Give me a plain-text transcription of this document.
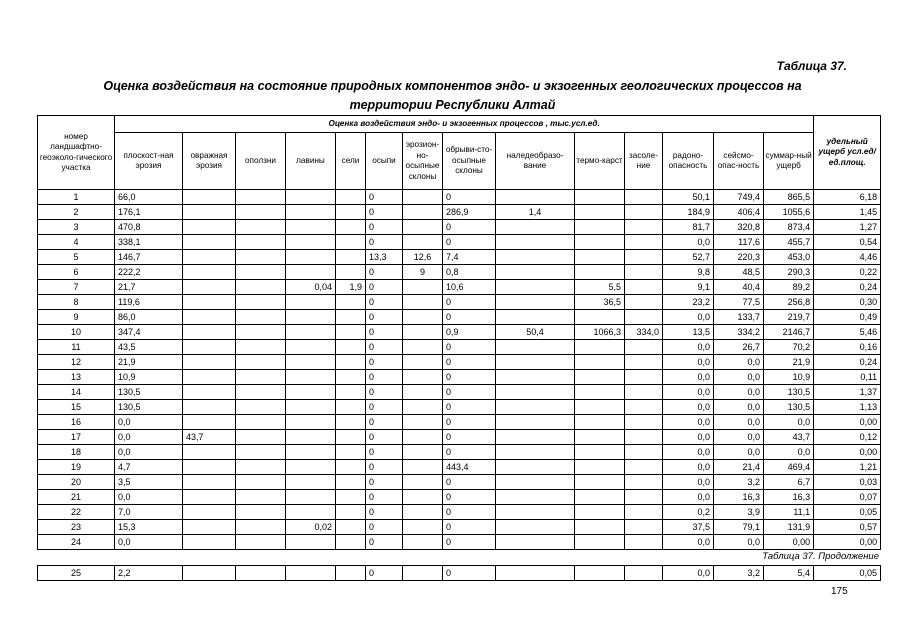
Таблица 37.
Оценка воздействия на состояние природных компонентов эндо- и экзогенных геологических процессов на
территории Республики Алтай
номер ландшафтно-геоэколо-гического участка	Оценка воздействия эндо- и экзогенных процессов , тыс.усл.ед.														удельный ущерб усл.ед/ ед.площ.
	плоскост-ная эрозия	овражная эрозия	оползни	лавины	сели	осыпи	эрозион-но-осыпные склоны	обрыви-сто-осыпные склоны	наледеобразо-вание	термо-карст	засоле-ние	радоно-опасность	сейсмо-опас-ность	суммар-ный ущерб	
1	66,0					0		0				50,1	749,4	865,5	6,18
2	176,1					0		286,9	1,4			184,9	406,4	1055,6	1,45
3	470,8					0		0				81,7	320,8	873,4	1,27
4	338,1					0		0				0,0	117,6	455,7	0,54
5	146,7					13,3	12,6	7,4				52,7	220,3	453,0	4,46
6	222,2					0	9	0,8				9,8	48,5	290,3	0,22
7	21,7			0,04	1,9	0		10,6		5,5		9,1	40,4	89,2	0,24
8	119,6					0		0		36,5		23,2	77,5	256,8	0,30
9	86,0					0		0				0,0	133,7	219,7	0,49
10	347,4					0		0,9	50,4	1066,3	334,0	13,5	334,2	2146,7	5,46
11	43,5					0		0				0,0	26,7	70,2	0,16
12	21,9					0		0				0,0	0,0	21,9	0,24
13	10,9					0		0				0,0	0,0	10,9	0,11
14	130,5					0		0				0,0	0,0	130,5	1,37
15	130,5					0		0				0,0	0,0	130,5	1,13
16	0,0					0		0				0,0	0,0	0,0	0,00
17	0,0	43,7				0		0				0,0	0,0	43,7	0,12
18	0,0					0		0				0,0	0,0	0,0	0,00
19	4,7					0		443,4				0,0	21,4	469,4	1,21
20	3,5					0		0				0,0	3,2	6,7	0,03
21	0,0					0		0				0,0	16,3	16,3	0,07
22	7,0					0		0				0,2	3,9	11,1	0,05
23	15,3			0,02		0		0				37,5	79,1	131,9	0,57
24	0,0					0		0				0,0	0,0	0,00	0,00
Таблица 37. Продолжение
25	2,2					0		0				0,0	3,2	5,4	0,05
175
